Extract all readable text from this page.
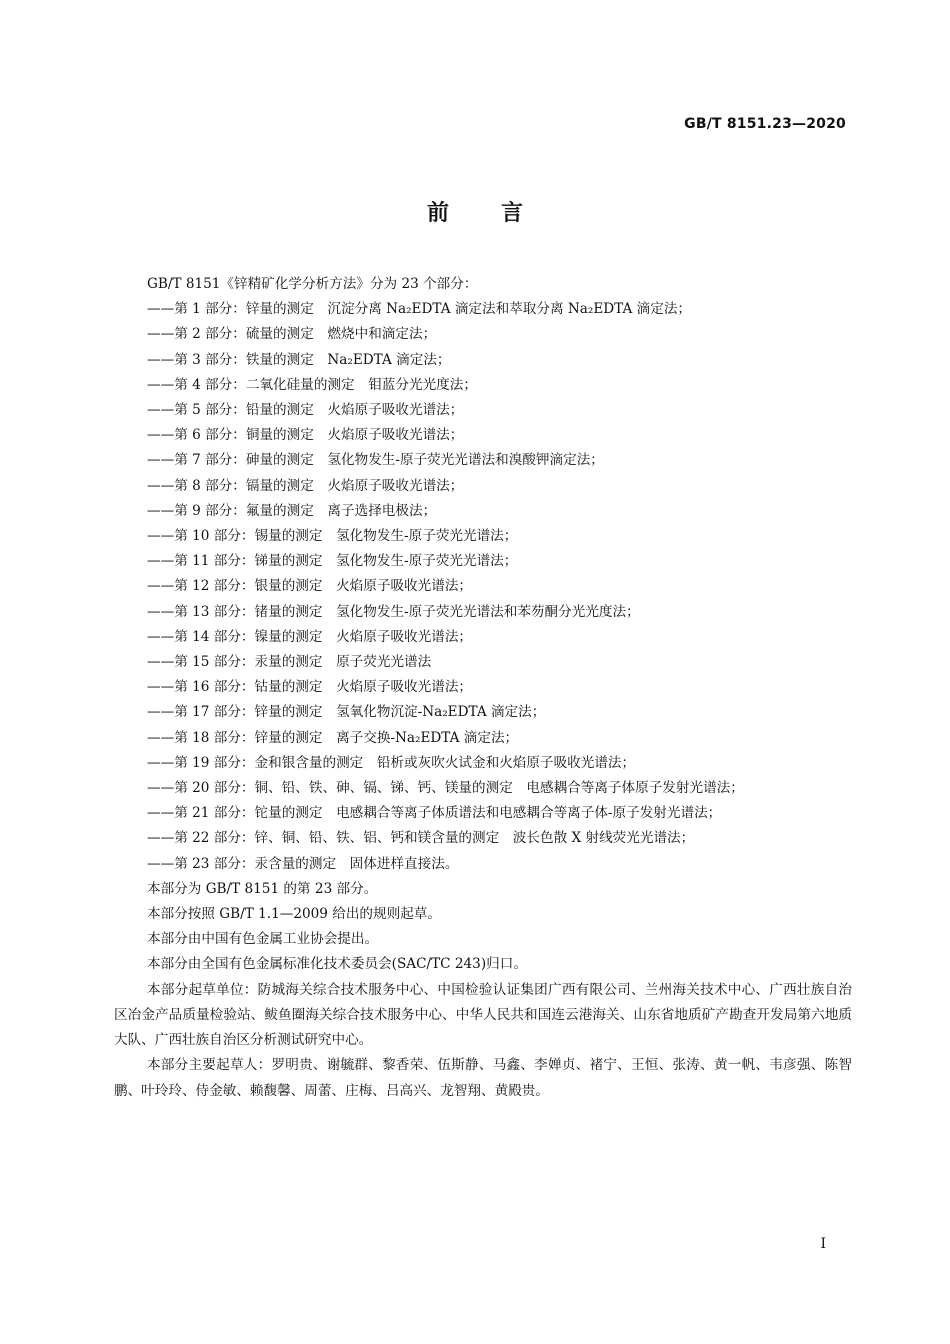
GB/T 8151.23—2020
前言

GB/T 8151《锌精矿化学分析方法》分为 23 个部分：

——第 1 部分：锌量的测定　沉淀分离 Na₂EDTA 滴定法和萃取分离 Na₂EDTA 滴定法；
——第 2 部分：硫量的测定　燃烧中和滴定法；
——第 3 部分：铁量的测定　Na₂EDTA 滴定法；
——第 4 部分：二氧化硅量的测定　钼蓝分光光度法；
——第 5 部分：铅量的测定　火焰原子吸收光谱法；
——第 6 部分：铜量的测定　火焰原子吸收光谱法；
——第 7 部分：砷量的测定　氢化物发生-原子荧光光谱法和溴酸钾滴定法；
——第 8 部分：镉量的测定　火焰原子吸收光谱法；
——第 9 部分：氟量的测定　离子选择电极法；
——第 10 部分：锡量的测定　氢化物发生-原子荧光光谱法；
——第 11 部分：锑量的测定　氢化物发生-原子荧光光谱法；
——第 12 部分：银量的测定　火焰原子吸收光谱法；
——第 13 部分：锗量的测定　氢化物发生-原子荧光光谱法和苯芴酮分光光度法；
——第 14 部分：镍量的测定　火焰原子吸收光谱法；
——第 15 部分：汞量的测定　原子荧光光谱法
——第 16 部分：钴量的测定　火焰原子吸收光谱法；
——第 17 部分：锌量的测定　氢氧化物沉淀-Na₂EDTA 滴定法；
——第 18 部分：锌量的测定　离子交换-Na₂EDTA 滴定法；
——第 19 部分：金和银含量的测定　铅析或灰吹火试金和火焰原子吸收光谱法；
——第 20 部分：铜、铅、铁、砷、镉、锑、钙、镁量的测定　电感耦合等离子体原子发射光谱法；
——第 21 部分：铊量的测定　电感耦合等离子体质谱法和电感耦合等离子体-原子发射光谱法；
——第 22 部分：锌、铜、铅、铁、铝、钙和镁含量的测定　波长色散 X 射线荧光光谱法；
——第 23 部分：汞含量的测定　固体进样直接法。

本部分为 GB/T 8151 的第 23 部分。

本部分按照 GB/T 1.1—2009 给出的规则起草。

本部分由中国有色金属工业协会提出。

本部分由全国有色金属标准化技术委员会(SAC/TC 243)归口。

本部分起草单位：防城海关综合技术服务中心、中国检验认证集团广西有限公司、兰州海关技术中心、广西壮族自治区冶金产品质量检验站、鲅鱼圈海关综合技术服务中心、中华人民共和国连云港海关、山东省地质矿产勘查开发局第六地质大队、广西壮族自治区分析测试研究中心。

本部分主要起草人：罗明贵、谢毓群、黎香荣、伍斯静、马鑫、李婵贞、褚宁、王恒、张涛、黄一帆、韦彦强、陈智鹏、叶玲玲、侍金敏、赖馥馨、周蕾、庄梅、吕高兴、龙智翔、黄殿贵。

I
